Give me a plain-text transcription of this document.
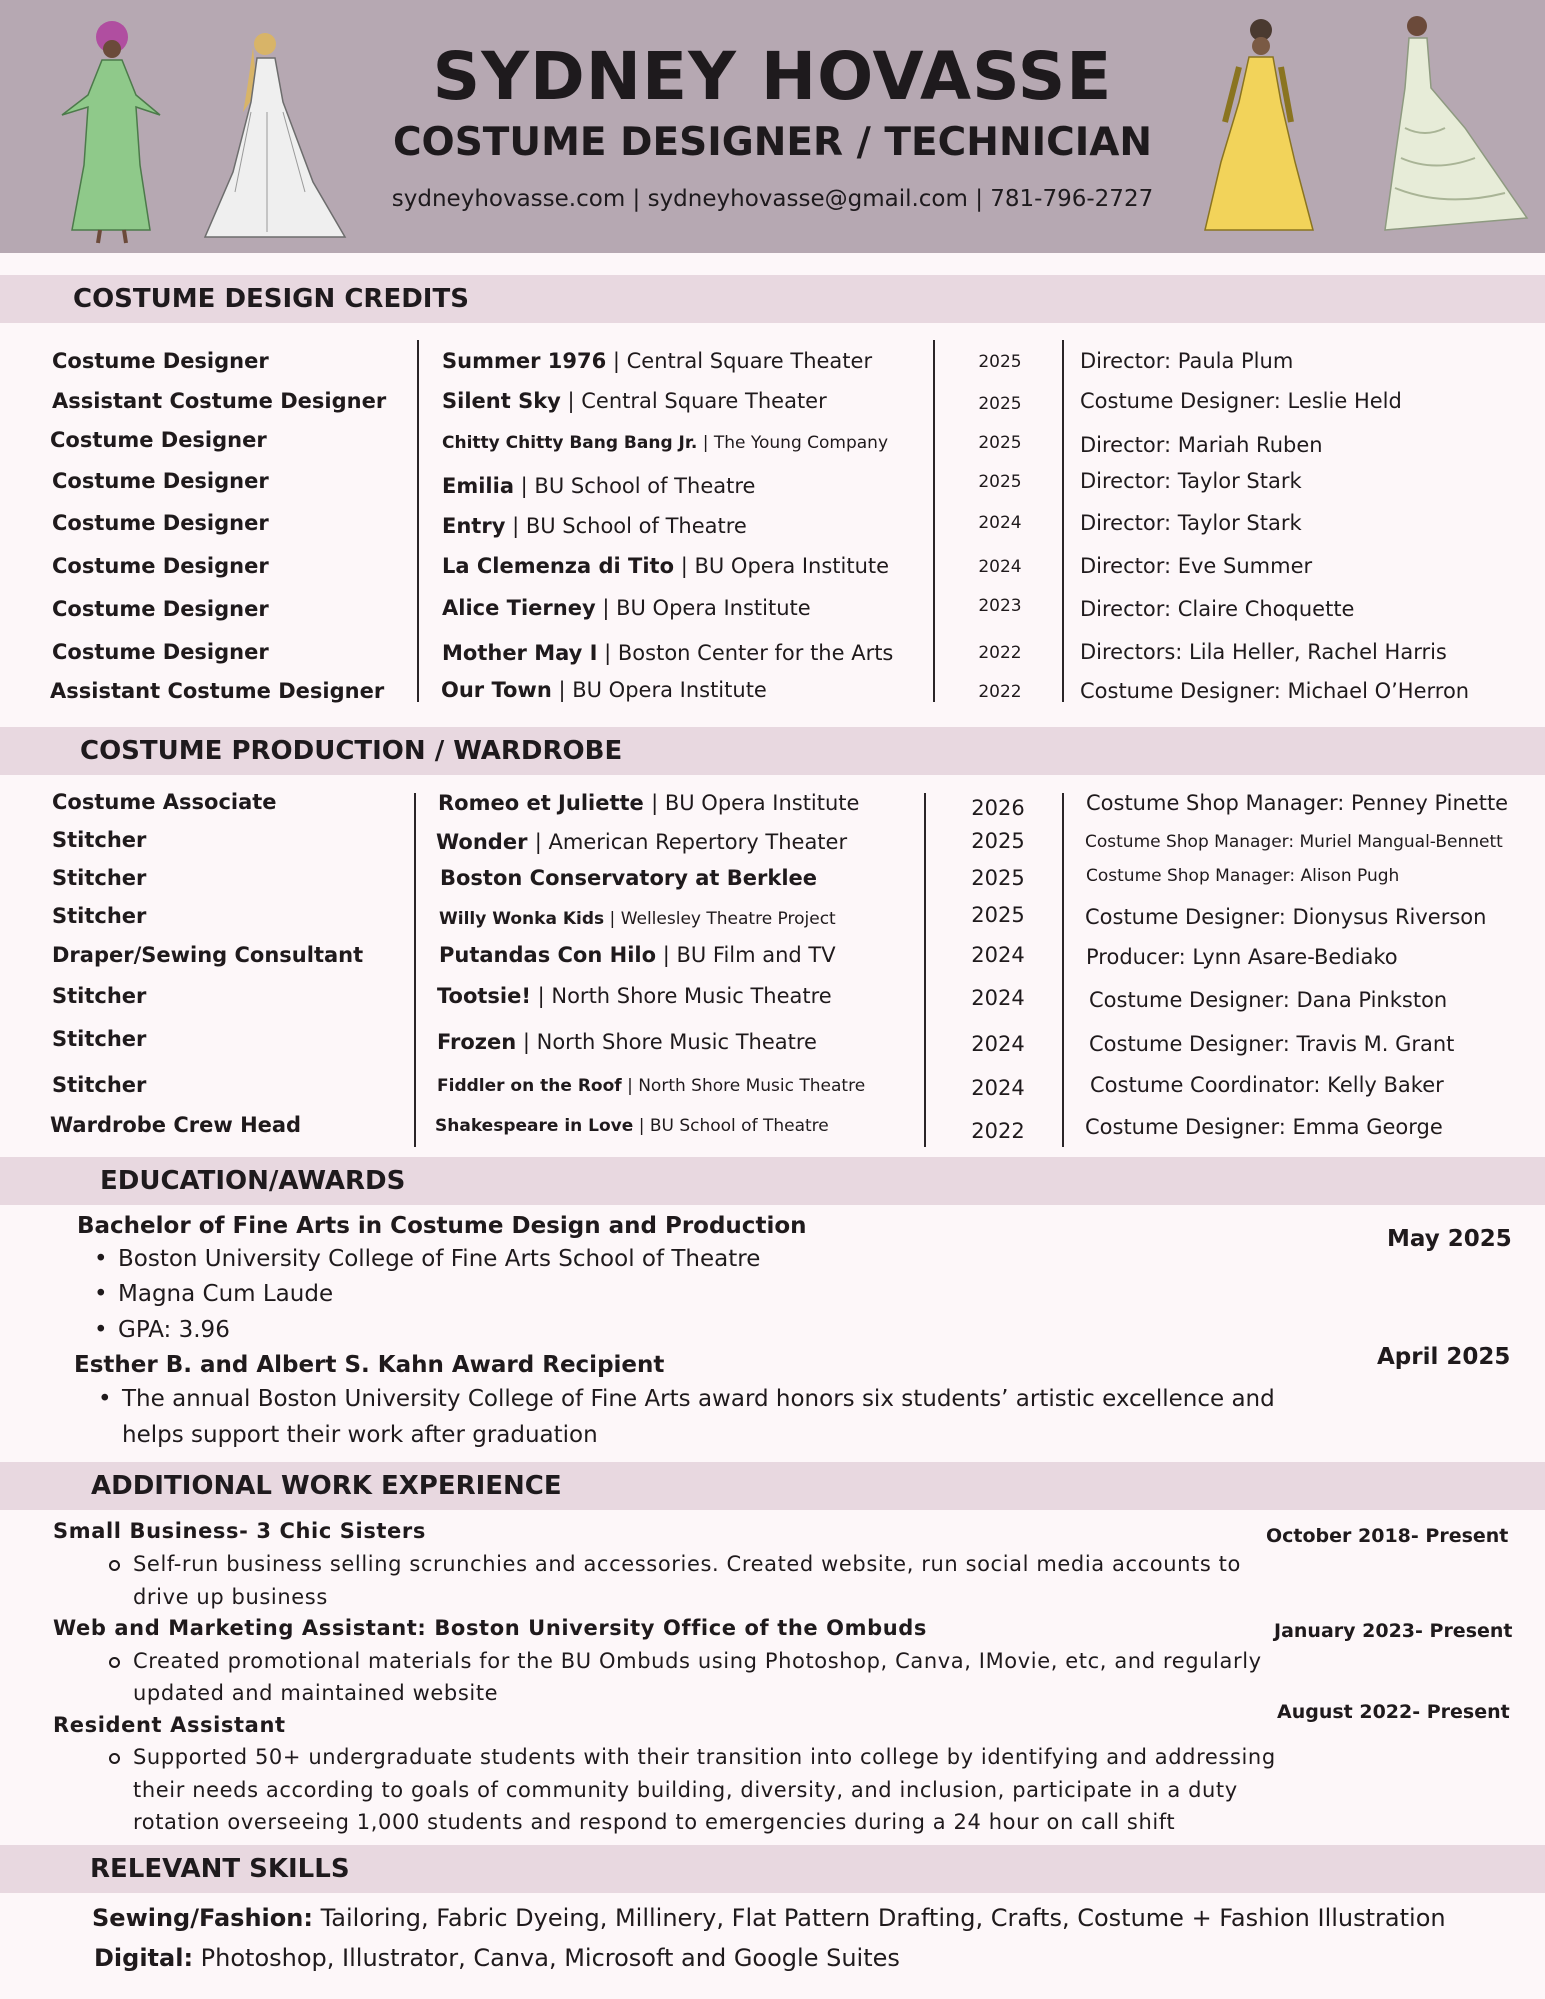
SYDNEY HOVASSE
COSTUME DESIGNER / TECHNICIAN
sydneyhovasse.com | sydneyhovasse@gmail.com | 781-796-2727
COSTUME DESIGN CREDITS
Costume Designer	Summer 1976 | Central Square Theater	2025	Director: Paula Plum
Assistant Costume Designer	Silent Sky | Central Square Theater	2025	Costume Designer: Leslie Held
Costume Designer	Chitty Chitty Bang Bang Jr. | The Young Company	2025	Director: Mariah Ruben
Costume Designer	Emilia | BU School of Theatre	2025	Director: Taylor Stark
Costume Designer	Entry | BU School of Theatre	2024	Director: Taylor Stark
Costume Designer	La Clemenza di Tito | BU Opera Institute	2024	Director: Eve Summer
Costume Designer	Alice Tierney | BU Opera Institute	2023	Director: Claire Choquette
Costume Designer	Mother May I | Boston Center for the Arts	2022	Directors: Lila Heller, Rachel Harris
Assistant Costume Designer	Our Town | BU Opera Institute	2022	Costume Designer: Michael O’Herron
COSTUME PRODUCTION / WARDROBE
Costume Associate	Romeo et Juliette | BU Opera Institute	2026	Costume Shop Manager: Penney Pinette
Stitcher	Wonder | American Repertory Theater	2025	Costume Shop Manager: Muriel Mangual-Bennett
Stitcher	Boston Conservatory at Berklee	2025	Costume Shop Manager: Alison Pugh
Stitcher	Willy Wonka Kids | Wellesley Theatre Project	2025	Costume Designer: Dionysus Riverson
Draper/Sewing Consultant	Putandas Con Hilo | BU Film and TV	2024	Producer: Lynn Asare-Bediako
Stitcher	Tootsie! | North Shore Music Theatre	2024	Costume Designer: Dana Pinkston
Stitcher	Frozen | North Shore Music Theatre	2024	Costume Designer: Travis M. Grant
Stitcher	Fiddler on the Roof | North Shore Music Theatre	2024	Costume Coordinator: Kelly Baker
Wardrobe Crew Head	Shakespeare in Love | BU School of Theatre	2022	Costume Designer: Emma George
EDUCATION/AWARDS
Bachelor of Fine Arts in Costume Design and Production	May 2025
• Boston University College of Fine Arts School of Theatre
• Magna Cum Laude
• GPA: 3.96
Esther B. and Albert S. Kahn Award Recipient	April 2025
• The annual Boston University College of Fine Arts award honors six students’ artistic excellence and
helps support their work after graduation
ADDITIONAL WORK EXPERIENCE
Small Business- 3 Chic Sisters	October 2018- Present
Self-run business selling scrunchies and accessories. Created website, run social media accounts to
drive up business
Web and Marketing Assistant: Boston University Office of the Ombuds	January 2023- Present
Created promotional materials for the BU Ombuds using Photoshop, Canva, IMovie, etc, and regularly
updated and maintained website
August 2022- Present
Resident Assistant
Supported 50+ undergraduate students with their transition into college by identifying and addressing
their needs according to goals of community building, diversity, and inclusion, participate in a duty
rotation overseeing 1,000 students and respond to emergencies during a 24 hour on call shift
RELEVANT SKILLS
Sewing/Fashion: Tailoring, Fabric Dyeing, Millinery, Flat Pattern Drafting, Crafts, Costume + Fashion Illustration
Digital: Photoshop, Illustrator, Canva, Microsoft and Google Suites
